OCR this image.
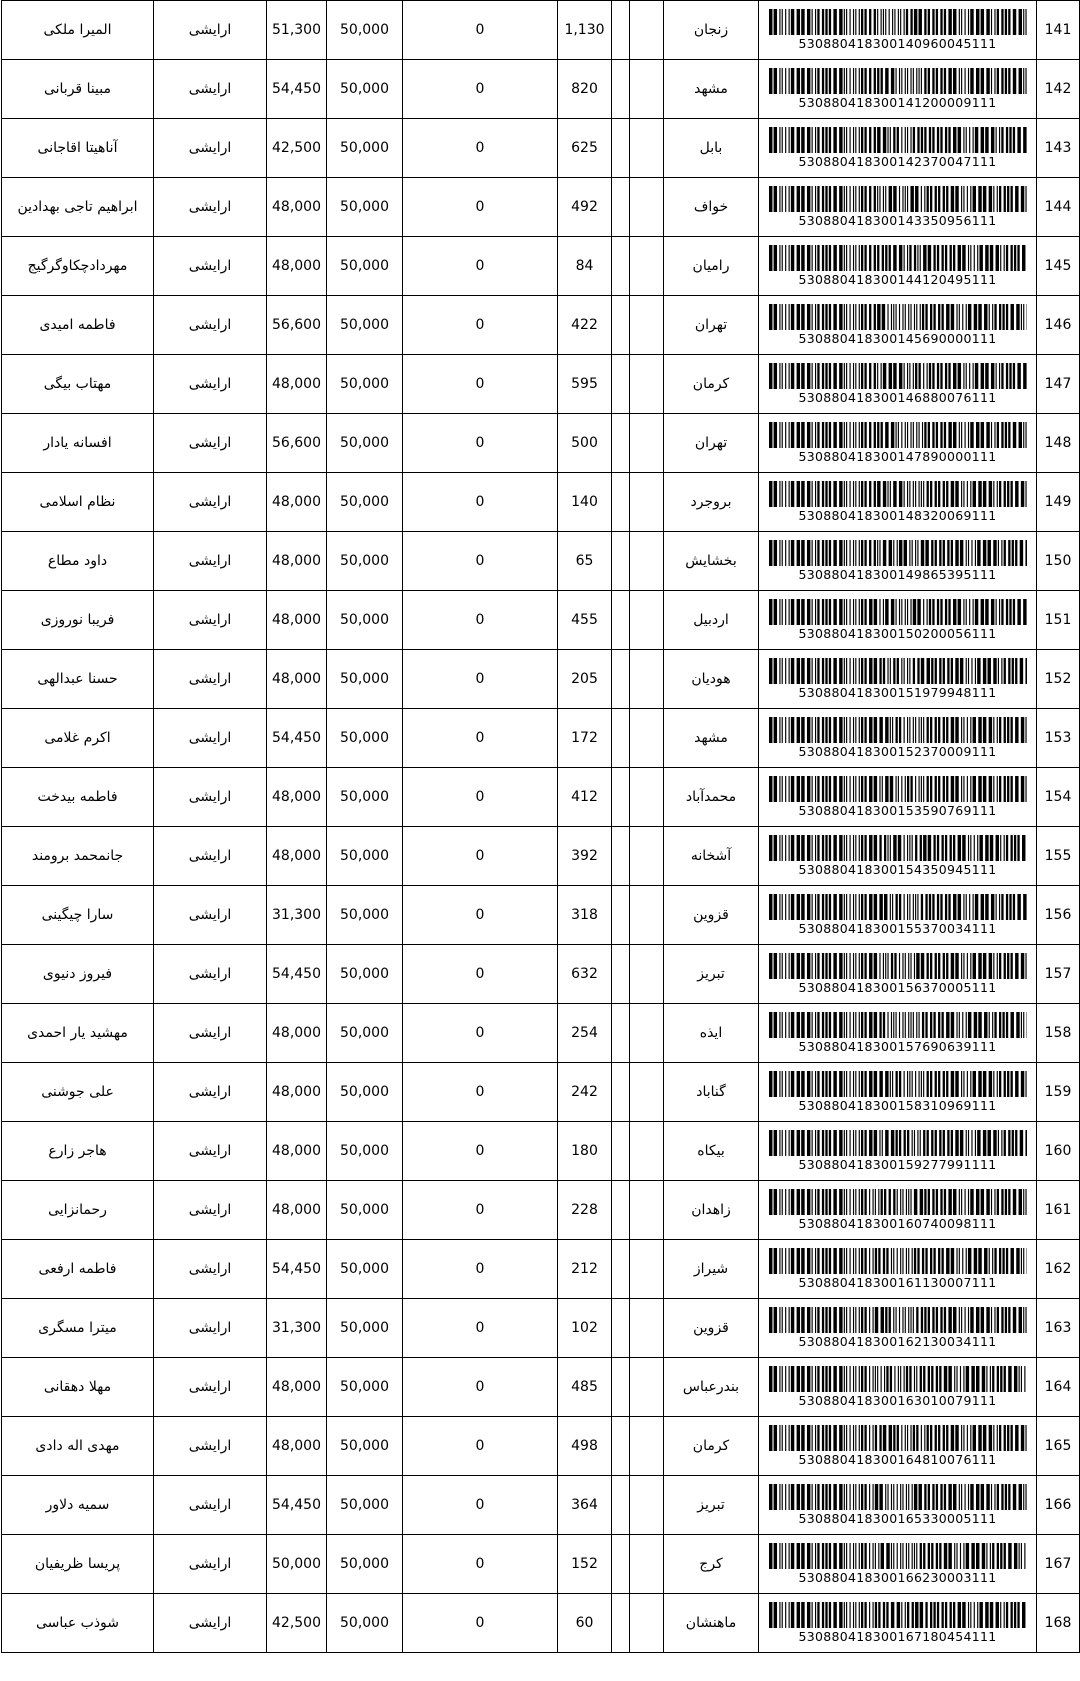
المیرا ملکی	ارایشی	51,300	50,000	0	1,130			زنجان	530880418300140960045111	141
مبینا قربانی	ارایشی	54,450	50,000	0	820			مشهد	530880418300141200009111	142
آناهیتا اقاجانی	ارایشی	42,500	50,000	0	625			بابل	530880418300142370047111	143
ابراهیم تاجی بهدادین	ارایشی	48,000	50,000	0	492			خواف	530880418300143350956111	144
مهردادچکاوگرگیج	ارایشی	48,000	50,000	0	84			رامیان	530880418300144120495111	145
فاطمه امیدی	ارایشی	56,600	50,000	0	422			تهران	530880418300145690000111	146
مهتاب بیگی	ارایشی	48,000	50,000	0	595			کرمان	530880418300146880076111	147
افسانه یادار	ارایشی	56,600	50,000	0	500			تهران	530880418300147890000111	148
نظام اسلامی	ارایشی	48,000	50,000	0	140			بروجرد	530880418300148320069111	149
داود مطاع	ارایشی	48,000	50,000	0	65			بخشایش	530880418300149865395111	150
فریبا نوروزی	ارایشی	48,000	50,000	0	455			اردبیل	530880418300150200056111	151
حسنا عبدالهی	ارایشی	48,000	50,000	0	205			هودیان	530880418300151979948111	152
اکرم غلامی	ارایشی	54,450	50,000	0	172			مشهد	530880418300152370009111	153
فاطمه بیدخت	ارایشی	48,000	50,000	0	412			محمدآباد	530880418300153590769111	154
جانمحمد برومند	ارایشی	48,000	50,000	0	392			آشخانه	530880418300154350945111	155
سارا چیگینی	ارایشی	31,300	50,000	0	318			قزوین	530880418300155370034111	156
فیروز دنیوی	ارایشی	54,450	50,000	0	632			تبریز	530880418300156370005111	157
مهشید یار احمدی	ارایشی	48,000	50,000	0	254			ایذه	530880418300157690639111	158
علی جوشنی	ارایشی	48,000	50,000	0	242			گناباد	530880418300158310969111	159
هاجر زارع	ارایشی	48,000	50,000	0	180			بیکاه	530880418300159277991111	160
رحمانزایی	ارایشی	48,000	50,000	0	228			زاهدان	530880418300160740098111	161
فاطمه ارفعی	ارایشی	54,450	50,000	0	212			شیراز	530880418300161130007111	162
میترا مسگری	ارایشی	31,300	50,000	0	102			قزوین	530880418300162130034111	163
مهلا دهقانی	ارایشی	48,000	50,000	0	485			بندرعباس	530880418300163010079111	164
مهدی اله دادی	ارایشی	48,000	50,000	0	498			کرمان	530880418300164810076111	165
سمیه دلاور	ارایشی	54,450	50,000	0	364			تبریز	530880418300165330005111	166
پریسا ظریفیان	ارایشی	50,000	50,000	0	152			کرج	530880418300166230003111	167
شوذب عباسی	ارایشی	42,500	50,000	0	60			ماهنشان	530880418300167180454111	168
